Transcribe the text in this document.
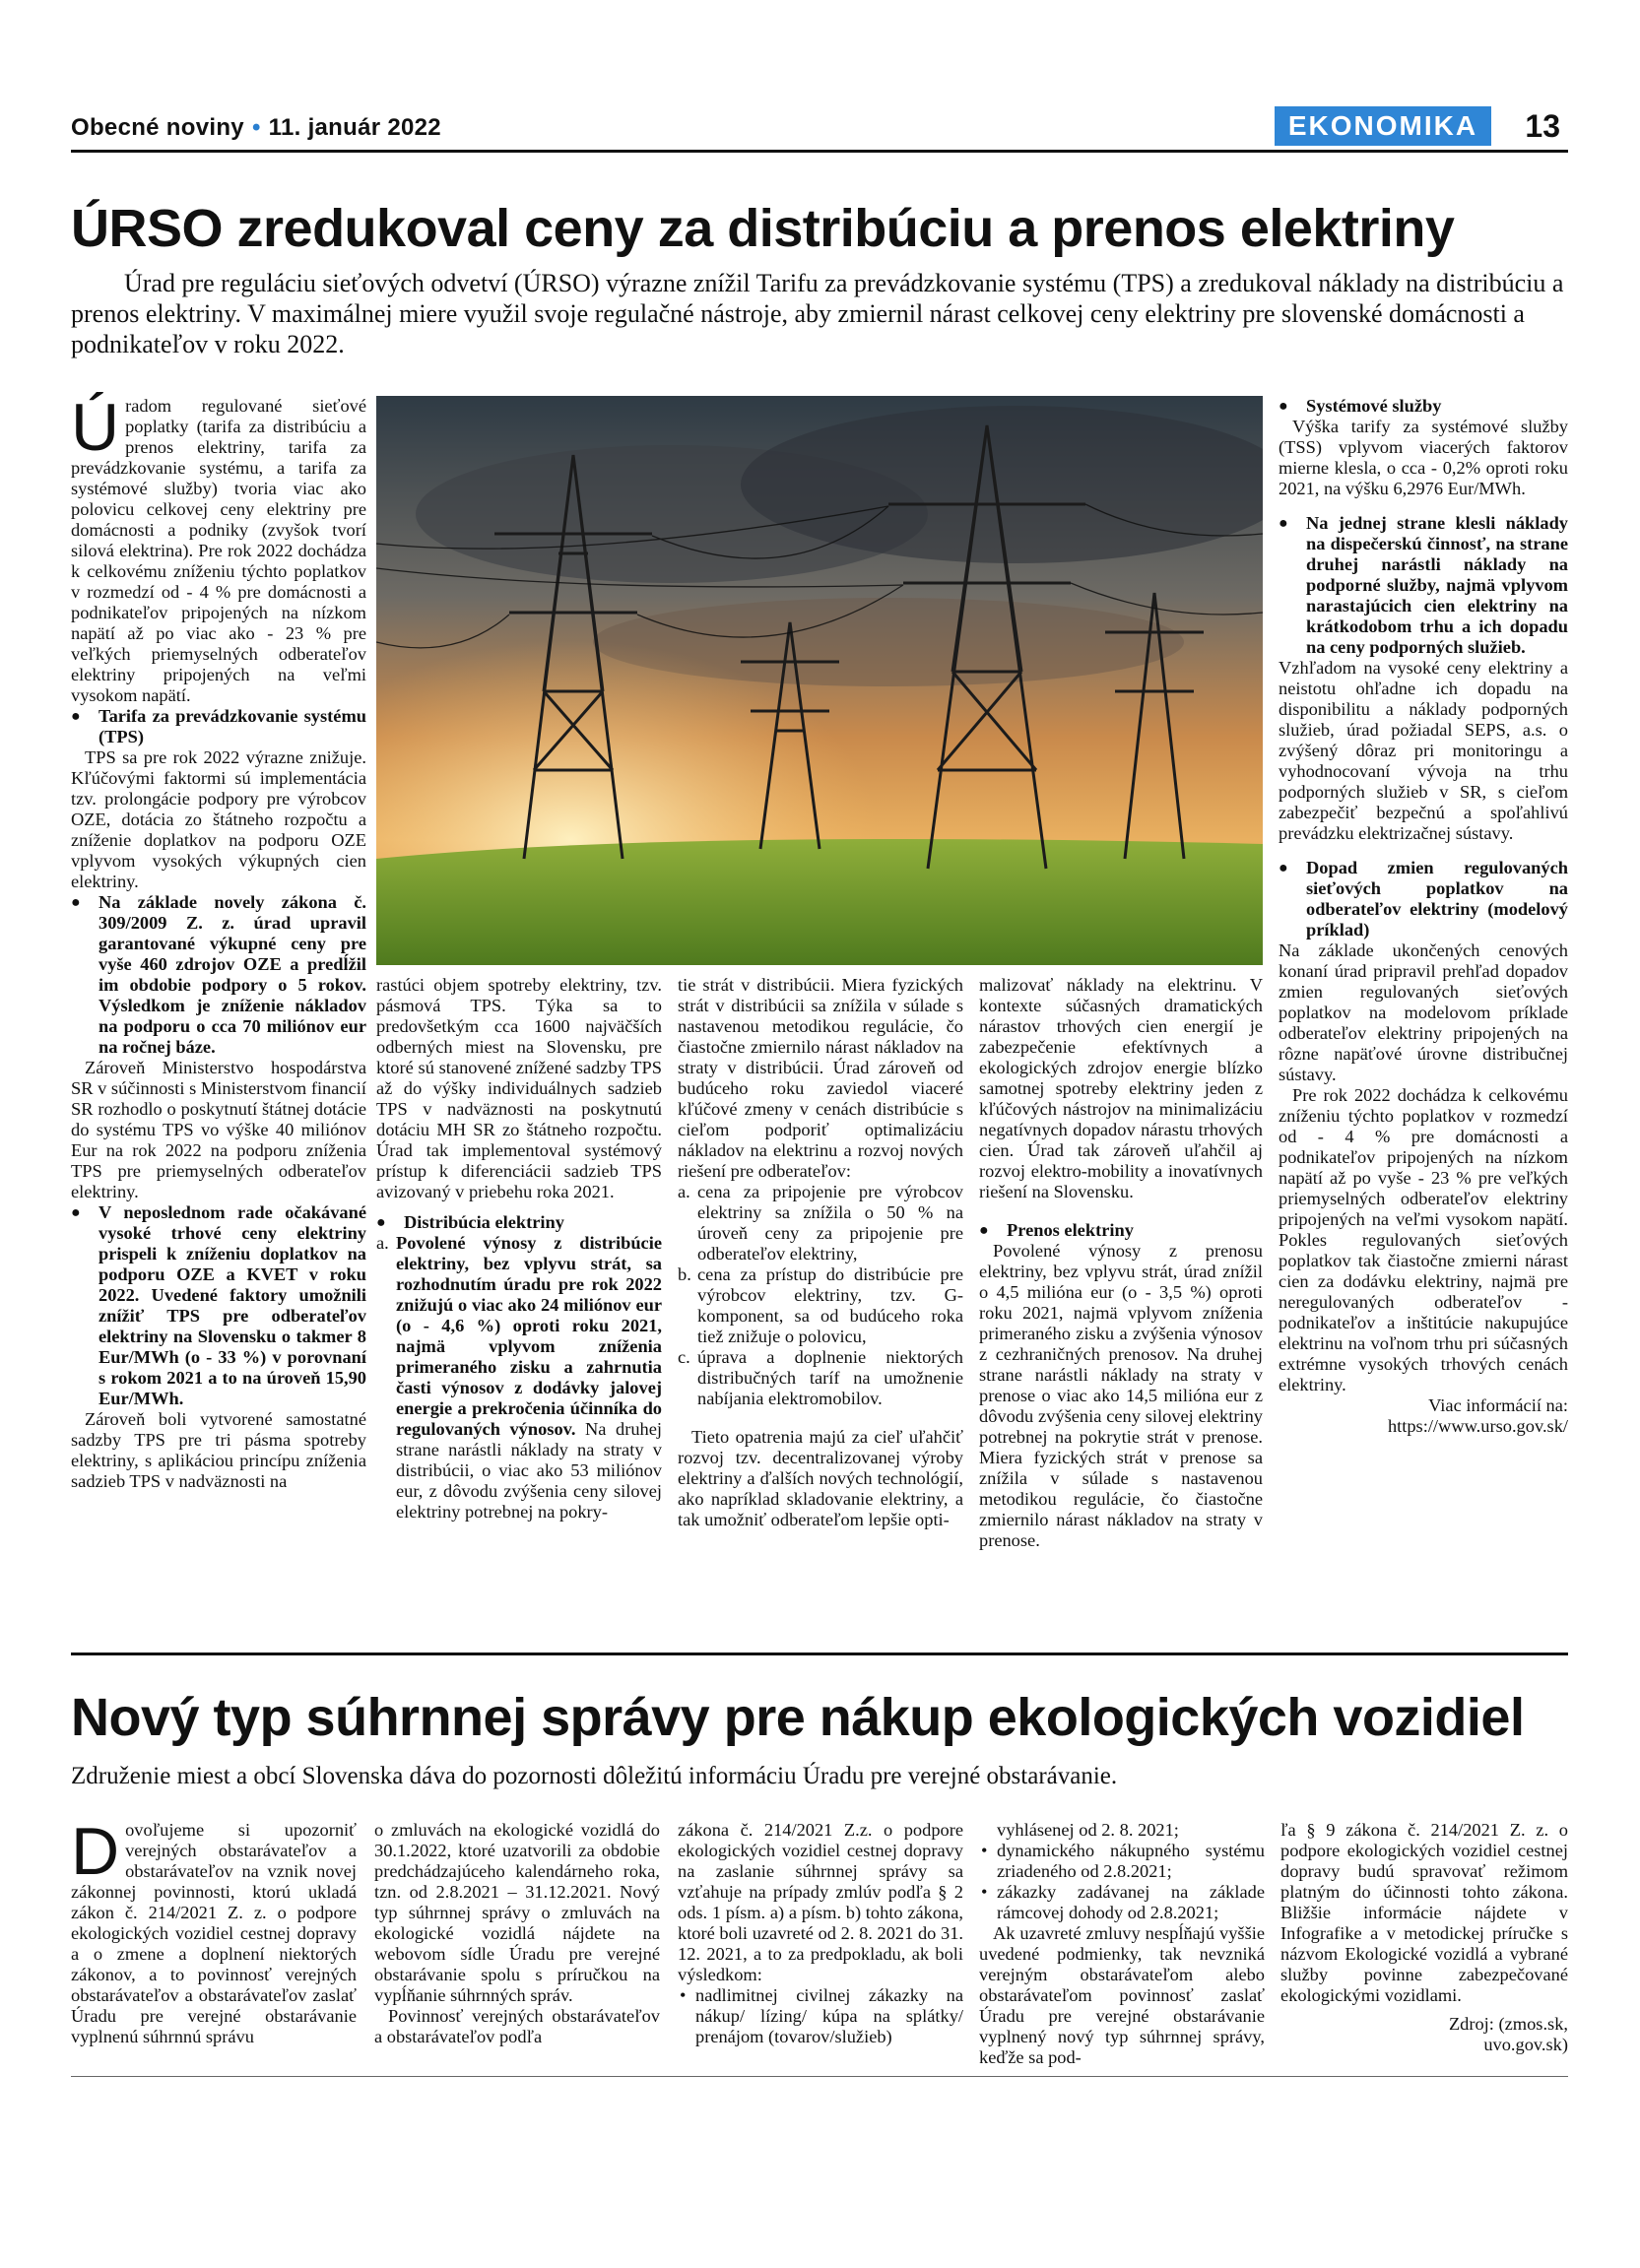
Obecné noviny • 11. január 2022	EKONOMIKA	13
ÚRSO zredukoval ceny za distribúciu a prenos elektriny

Úrad pre reguláciu sieťových odvetví (ÚRSO) výrazne znížil Tarifu za prevádzkovanie systému (TPS) a zredukoval náklady na distribúciu a prenos elektriny. V maximálnej miere využil svoje regulačné nástroje, aby zmiernil nárast celkovej ceny elektriny pre slovenské domácnosti a podnikateľov v roku 2022.

Úradom regulované sieťové poplatky (tarifa za distribúciu a prenos elektriny, tarifa za prevádzkovanie systému, a tarifa za systémové služby) tvoria viac ako polovicu celkovej ceny elektriny pre domácnosti a podniky (zvyšok tvorí silová elektrina). Pre rok 2022 dochádza k celkovému zníženiu týchto poplatkov v rozmedzí od - 4 % pre domácnosti a podnikateľov pripojených na nízkom napätí až po viac ako - 23 % pre veľkých priemyselných odberateľov elektriny pripojených na veľmi vysokom napätí.

● Tarifa za prevádzkovanie systému (TPS)

TPS sa pre rok 2022 výrazne znižuje. Kľúčovými faktormi sú implementácia tzv. prolongácie podpory pre výrobcov OZE, dotácia zo štátneho rozpočtu a zníženie doplatkov na podporu OZE vplyvom vysokých výkupných cien elektriny.

● Na základe novely zákona č. 309/2009 Z. z. úrad upravil garantované výkupné ceny pre vyše 460 zdrojov OZE a predĺžil im obdobie podpory o 5 rokov. Výsledkom je zníženie nákladov na podporu o cca 70 miliónov eur na ročnej báze.

Zároveň Ministerstvo hospodárstva SR v súčinnosti s Ministerstvom financií SR rozhodlo o poskytnutí štátnej dotácie do systému TPS vo výške 40 miliónov Eur na rok 2022 na podporu zníženia TPS pre priemyselných odberateľov elektriny.

● V neposlednom rade očakávané vysoké trhové ceny elektriny prispeli k zníženiu doplatkov na podporu OZE a KVET v roku 2022. Uvedené faktory umožnili znížiť TPS pre odberateľov elektriny na Slovensku o takmer 8 Eur/MWh (o - 33 %) v porovnaní s rokom 2021 a to na úroveň 15,90 Eur/MWh.

Zároveň boli vytvorené samostatné sadzby TPS pre tri pásma spotreby elektriny, s aplikáciou princípu zníženia sadzieb TPS v nadväznosti na

rastúci objem spotreby elektriny, tzv. pásmová TPS. Týka sa to predovšetkým cca 1600 najväčších odberných miest na Slovensku, pre ktoré sú stanovené znížené sadzby TPS až do výšky individuálnych sadzieb TPS v nadväznosti na poskytnutú dotáciu MH SR zo štátneho rozpočtu. Úrad tak implementoval systémový prístup k diferenciácii sadzieb TPS avizovaný v priebehu roka 2021.

● Distribúcia elektriny

a. Povolené výnosy z distribúcie elektriny, bez vplyvu strát, sa rozhodnutím úradu pre rok 2022 znižujú o viac ako 24 miliónov eur (o - 4,6 %) oproti roku 2021, najmä vplyvom zníženia primeraného zisku a zahrnutia časti výnosov z dodávky jalovej energie a prekročenia účinníka do regulovaných výnosov. Na druhej strane narástli náklady na straty v distribúcii, o viac ako 53 miliónov eur, z dôvodu zvýšenia ceny silovej elektriny potrebnej na pokry-

tie strát v distribúcii. Miera fyzických strát v distribúcii sa znížila v súlade s nastavenou metodikou regulácie, čo čiastočne zmiernilo nárast nákladov na straty v distribúcii. Úrad zároveň od budúceho roku zaviedol viaceré kľúčové zmeny v cenách distribúcie s cieľom podporiť optimalizáciu nákladov na elektrinu a rozvoj nových riešení pre odberateľov:

a. cena za pripojenie pre výrobcov elektriny sa znížila o 50 % na úroveň ceny za pripojenie pre odberateľov elektriny,

b. cena za prístup do distribúcie pre výrobcov elektriny, tzv. G-komponent, sa od budúceho roka tiež znižuje o polovicu,

c. úprava a doplnenie niektorých distribučných taríf na umožnenie nabíjania elektromobilov.

Tieto opatrenia majú za cieľ uľahčiť rozvoj tzv. decentralizovanej výroby elektriny a ďalších nových technológií, ako napríklad skladovanie elektriny, a tak umožniť odberateľom lepšie opti-

malizovať náklady na elektrinu. V kontexte súčasných dramatických nárastov trhových cien energií je zabezpečenie efektívnych a ekologických zdrojov energie blízko samotnej spotreby elektriny jeden z kľúčových nástrojov na minimalizáciu negatívnych dopadov nárastu trhových cien. Úrad tak zároveň uľahčil aj rozvoj elektro-mobility a inovatívnych riešení na Slovensku.

● Prenos elektriny

Povolené výnosy z prenosu elektriny, bez vplyvu strát, úrad znížil o 4,5 milióna eur (o - 3,5 %) oproti roku 2021, najmä vplyvom zníženia primeraného zisku a zvýšenia výnosov z cezhraničných prenosov. Na druhej strane narástli náklady na straty v prenose o viac ako 14,5 milióna eur z dôvodu zvýšenia ceny silovej elektriny potrebnej na pokrytie strát v prenose. Miera fyzických strát v prenose sa znížila v súlade s nastavenou metodikou regulácie, čo čiastočne zmiernilo nárast nákladov na straty v prenose.

● Systémové služby

Výška tarify za systémové služby (TSS) vplyvom viacerých faktorov mierne klesla, o cca - 0,2% oproti roku 2021, na výšku 6,2976 Eur/MWh.

● Na jednej strane klesli náklady na dispečerskú činnosť, na strane druhej narástli náklady na podporné služby, najmä vplyvom narastajúcich cien elektriny na krátkodobom trhu a ich dopadu na ceny podporných služieb.

Vzhľadom na vysoké ceny elektriny a neistotu ohľadne ich dopadu na disponibilitu a náklady podporných služieb, úrad požiadal SEPS, a.s. o zvýšený dôraz pri monitoringu a vyhodnocovaní vývoja na trhu podporných služieb v SR, s cieľom zabezpečiť bezpečnú a spoľahlivú prevádzku elektrizačnej sústavy.

● Dopad zmien regulovaných sieťových poplatkov na odberateľov elektriny (modelový príklad)

Na základe ukončených cenových konaní úrad pripravil prehľad dopadov zmien regulovaných sieťových poplatkov na modelovom príklade odberateľov elektriny pripojených na rôzne napäťové úrovne distribučnej sústavy.

Pre rok 2022 dochádza k celkovému zníženiu týchto poplatkov v rozmedzí od - 4 % pre domácnosti a podnikateľov pripojených na nízkom napätí až po vyše - 23 % pre veľkých priemyselných odberateľov elektriny pripojených na veľmi vysokom napätí. Pokles regulovaných sieťových poplatkov tak čiastočne zmierni nárast cien za dodávku elektriny, najmä pre neregulovaných odberateľov - podnikateľov a inštitúcie nakupujúce elektrinu na voľnom trhu pri súčasných extrémne vysokých trhových cenách elektriny.

Viac informácií na:

https://www.urso.gov.sk/

Nový typ súhrnnej správy pre nákup ekologických vozidiel

Združenie miest a obcí Slovenska dáva do pozornosti dôležitú informáciu Úradu pre verejné obstarávanie.

Dovoľujeme si upozorniť verejných obstarávateľov a obstarávateľov na vznik novej zákonnej povinnosti, ktorú ukladá zákon č. 214/2021 Z. z. o podpore ekologických vozidiel cestnej dopravy a o zmene a doplnení niektorých zákonov, a to povinnosť verejných obstarávateľov a obstarávateľov zaslať Úradu pre verejné obstarávanie vyplnenú súhrnnú správu

o zmluvách na ekologické vozidlá do 30.1.2022, ktoré uzatvorili za obdobie predchádzajúceho kalendárneho roka, tzn. od 2.8.2021 – 31.12.2021. Nový typ súhrnnej správy o zmluvách na ekologické vozidlá nájdete na webovom sídle Úradu pre verejné obstarávanie spolu s príručkou na vypĺňanie súhrnných správ.

Povinnosť verejných obstarávateľov a obstarávateľov podľa

zákona č. 214/2021 Z.z. o podpore ekologických vozidiel cestnej dopravy na zaslanie súhrnnej správy sa vzťahuje na prípady zmlúv podľa § 2 ods. 1 písm. a) a písm. b) tohto zákona, ktoré boli uzavreté od 2. 8. 2021 do 31. 12. 2021, a to za predpokladu, ak boli výsledkom:

• nadlimitnej civilnej zákazky na nákup/ lízing/ kúpa na splátky/ prenájom (tovarov/služieb)

vyhlásenej od 2. 8. 2021;

• dynamického nákupného systému zriadeného od 2.8.2021;

• zákazky zadávanej na základe rámcovej dohody od 2.8.2021;

Ak uzavreté zmluvy nespĺňajú vyššie uvedené podmienky, tak nevzniká verejným obstarávateľom alebo obstarávateľom povinnosť zaslať Úradu pre verejné obstarávanie vyplnený nový typ súhrnnej správy, keďže sa pod-

ľa § 9 zákona č. 214/2021 Z. z. o podpore ekologických vozidiel cestnej dopravy budú spravovať režimom platným do účinnosti tohto zákona. Bližšie informácie nájdete v Infografike a v metodickej príručke s názvom Ekologické vozidlá a vybrané služby povinne zabezpečované ekologickými vozidlami.

Zdroj: (zmos.sk,

uvo.gov.sk)
